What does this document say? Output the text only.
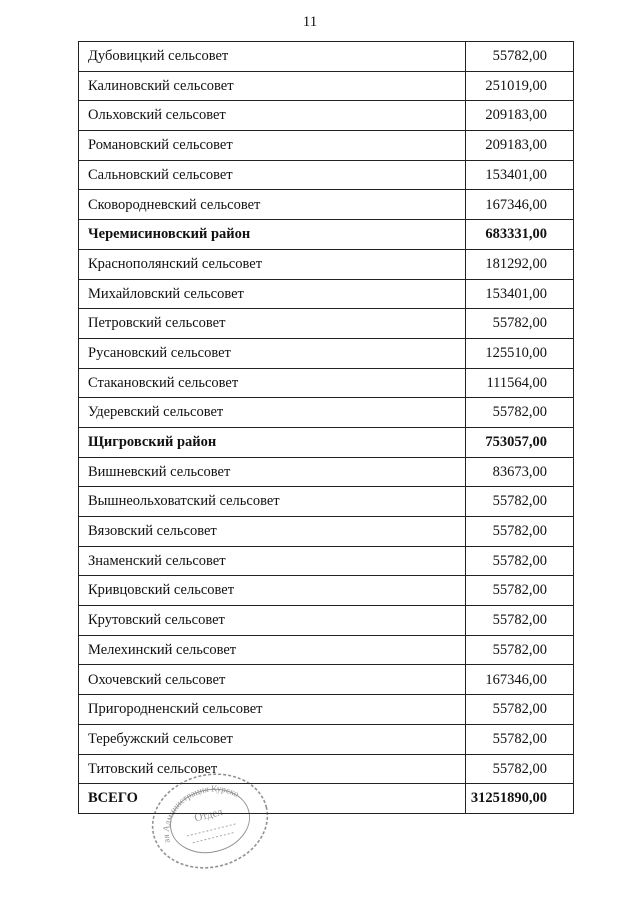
11
Дубовицкий сельсовет	55782,00
Калиновский сельсовет	251019,00
Ольховский сельсовет	209183,00
Романовский сельсовет	209183,00
Сальновский сельсовет	153401,00
Сковородневский сельсовет	167346,00
Черемисиновский район	683331,00
Краснополянский сельсовет	181292,00
Михайловский сельсовет	153401,00
Петровский сельсовет	55782,00
Русановский сельсовет	125510,00
Стакановский сельсовет	111564,00
Удеревский сельсовет	55782,00
Щигровский район	753057,00
Вишневский сельсовет	83673,00
Вышнеольховатский сельсовет	55782,00
Вязовский сельсовет	55782,00
Знаменский сельсовет	55782,00
Кривцовский сельсовет	55782,00
Крутовский сельсовет	55782,00
Мелехинский сельсовет	55782,00
Охочевский сельсовет	167346,00
Пригородненский сельсовет	55782,00
Теребужский сельсовет	55782,00
Титовский сельсовет	55782,00
ВСЕГО	31251890,00
ая Администрация Курско
Отдел
